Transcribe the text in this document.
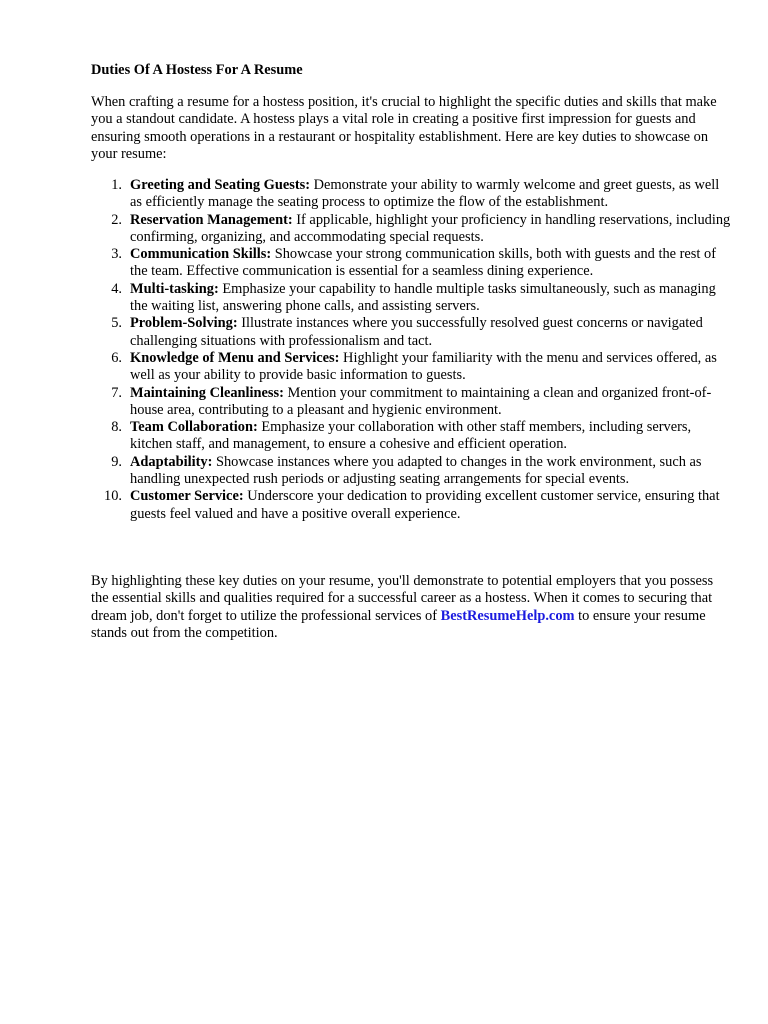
Duties Of A Hostess For A Resume

When crafting a resume for a hostess position, it's crucial to highlight the specific duties and skills that make you a standout candidate. A hostess plays a vital role in creating a positive first impression for guests and ensuring smooth operations in a restaurant or hospitality establishment. Here are key duties to showcase on your resume:

1. Greeting and Seating Guests: Demonstrate your ability to warmly welcome and greet guests, as well as efficiently manage the seating process to optimize the flow of the establishment.
2. Reservation Management: If applicable, highlight your proficiency in handling reservations, including confirming, organizing, and accommodating special requests.
3. Communication Skills: Showcase your strong communication skills, both with guests and the rest of the team. Effective communication is essential for a seamless dining experience.
4. Multi-tasking: Emphasize your capability to handle multiple tasks simultaneously, such as managing the waiting list, answering phone calls, and assisting servers.
5. Problem-Solving: Illustrate instances where you successfully resolved guest concerns or navigated challenging situations with professionalism and tact.
6. Knowledge of Menu and Services: Highlight your familiarity with the menu and services offered, as well as your ability to provide basic information to guests.
7. Maintaining Cleanliness: Mention your commitment to maintaining a clean and organized front-of-house area, contributing to a pleasant and hygienic environment.
8. Team Collaboration: Emphasize your collaboration with other staff members, including servers, kitchen staff, and management, to ensure a cohesive and efficient operation.
9. Adaptability: Showcase instances where you adapted to changes in the work environment, such as handling unexpected rush periods or adjusting seating arrangements for special events.
10. Customer Service: Underscore your dedication to providing excellent customer service, ensuring that guests feel valued and have a positive overall experience.

By highlighting these key duties on your resume, you'll demonstrate to potential employers that you possess the essential skills and qualities required for a successful career as a hostess. When it comes to securing that dream job, don't forget to utilize the professional services of BestResumeHelp.com to ensure your resume stands out from the competition.
